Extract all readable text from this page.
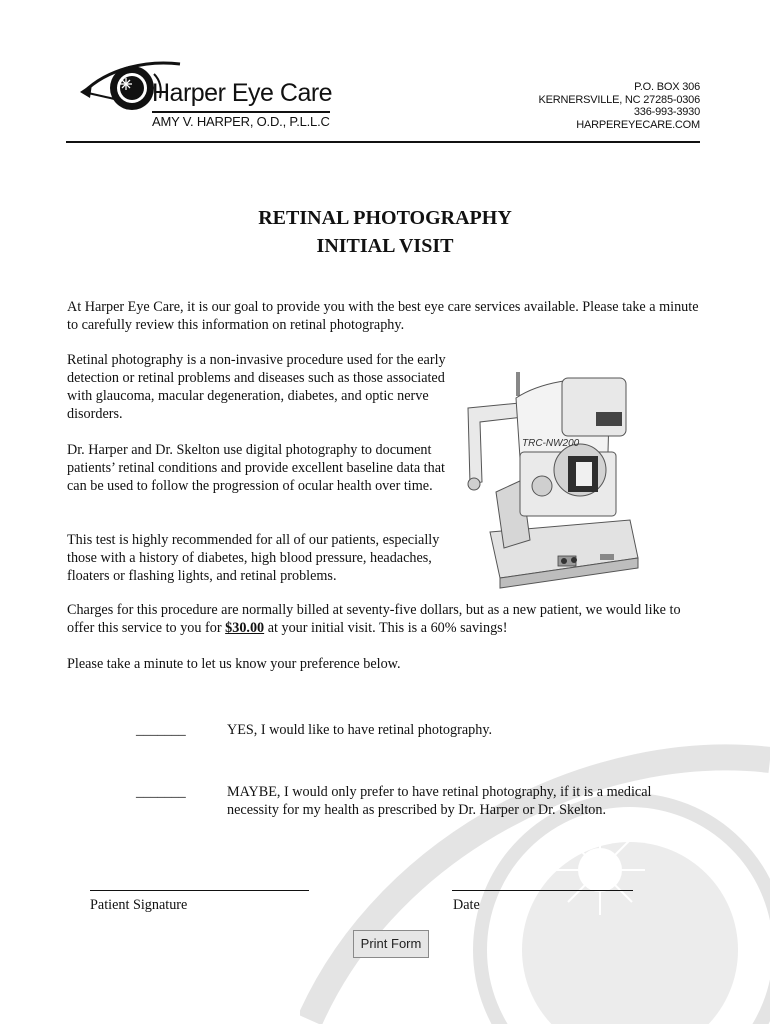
Harper Eye Care
AMY V. HARPER, O.D., P.L.L.C
P.O. BOX 306
KERNERSVILLE, NC 27285-0306
336-993-3930
HARPEREYECARE.COM
RETINAL PHOTOGRAPHY
INITIAL VISIT

At Harper Eye Care, it is our goal to provide you with the best eye care services available. Please take a minute to carefully review this information on retinal photography.

Retinal photography is a non-invasive procedure used for the early detection or retinal problems and diseases such as those associated with glaucoma, macular degeneration, diabetes, and optic nerve disorders.

Dr. Harper and Dr. Skelton use digital photography to document patients’ retinal conditions and provide excellent baseline data that can be used to follow the progression of ocular health over time.

This test is highly recommended for all of our patients, especially those with a history of diabetes, high blood pressure, headaches, floaters or flashing lights, and retinal problems.

Charges for this procedure are normally billed at seventy-five dollars, but as a new patient, we would like to offer this service to you for $30.00 at your initial visit. This is a 60% savings!

Please take a minute to let us know your preference below.

TRC-NW200
_______	YES, I would like to have retinal photography.

_______	MAYBE, I would only prefer to have retinal photography, if it is a medical necessity for my health as prescribed by Dr. Harper or Dr. Skelton.

Patient Signature	Date
Print Form
